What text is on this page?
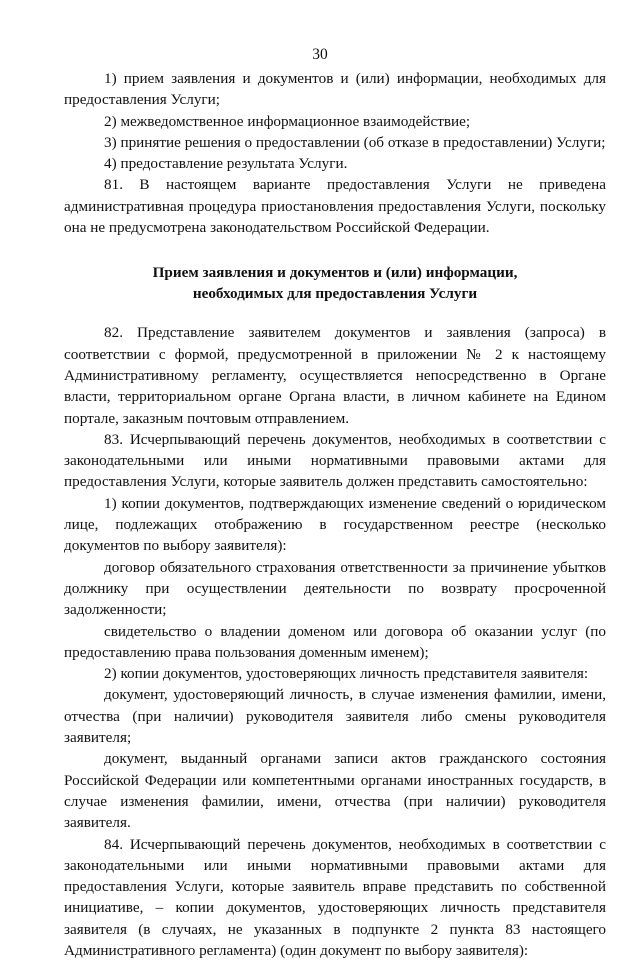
30

1) прием заявления и документов и (или) информации, необходимых для предоставления Услуги;

2) межведомственное информационное взаимодействие;

3) принятие решения о предоставлении (об отказе в предоставлении) Услуги;

4) предоставление результата Услуги.

81. В настоящем варианте предоставления Услуги не приведена административная процедура приостановления предоставления Услуги, поскольку она не предусмотрена законодательством Российской Федерации.

Прием заявления и документов и (или) информации,
необходимых для предоставления Услуги

82. Представление заявителем документов и заявления (запроса) в соответствии с формой, предусмотренной в приложении № 2 к настоящему Административному регламенту, осуществляется непосредственно в Органе власти, территориальном органе Органа власти, в личном кабинете на Едином портале, заказным почтовым отправлением.

83. Исчерпывающий перечень документов, необходимых в соответствии с законодательными или иными нормативными правовыми актами для предоставления Услуги, которые заявитель должен представить самостоятельно:

1) копии документов, подтверждающих изменение сведений о юридическом лице, подлежащих отображению в государственном реестре (несколько документов по выбору заявителя):

договор обязательного страхования ответственности за причинение убытков должнику при осуществлении деятельности по возврату просроченной задолженности;

свидетельство о владении доменом или договора об оказании услуг (по предоставлению права пользования доменным именем);

2) копии документов, удостоверяющих личность представителя заявителя:

документ, удостоверяющий личность, в случае изменения фамилии, имени, отчества (при наличии) руководителя заявителя либо смены руководителя заявителя;

документ, выданный органами записи актов гражданского состояния Российской Федерации или компетентными органами иностранных государств, в случае изменения фамилии, имени, отчества (при наличии) руководителя заявителя.

84. Исчерпывающий перечень документов, необходимых в соответствии с законодательными или иными нормативными правовыми актами для предоставления Услуги, которые заявитель вправе представить по собственной инициативе, – копии документов, удостоверяющих личность представителя заявителя (в случаях, не указанных в подпункте 2 пункта 83 настоящего Административного регламента) (один документ по выбору заявителя):
